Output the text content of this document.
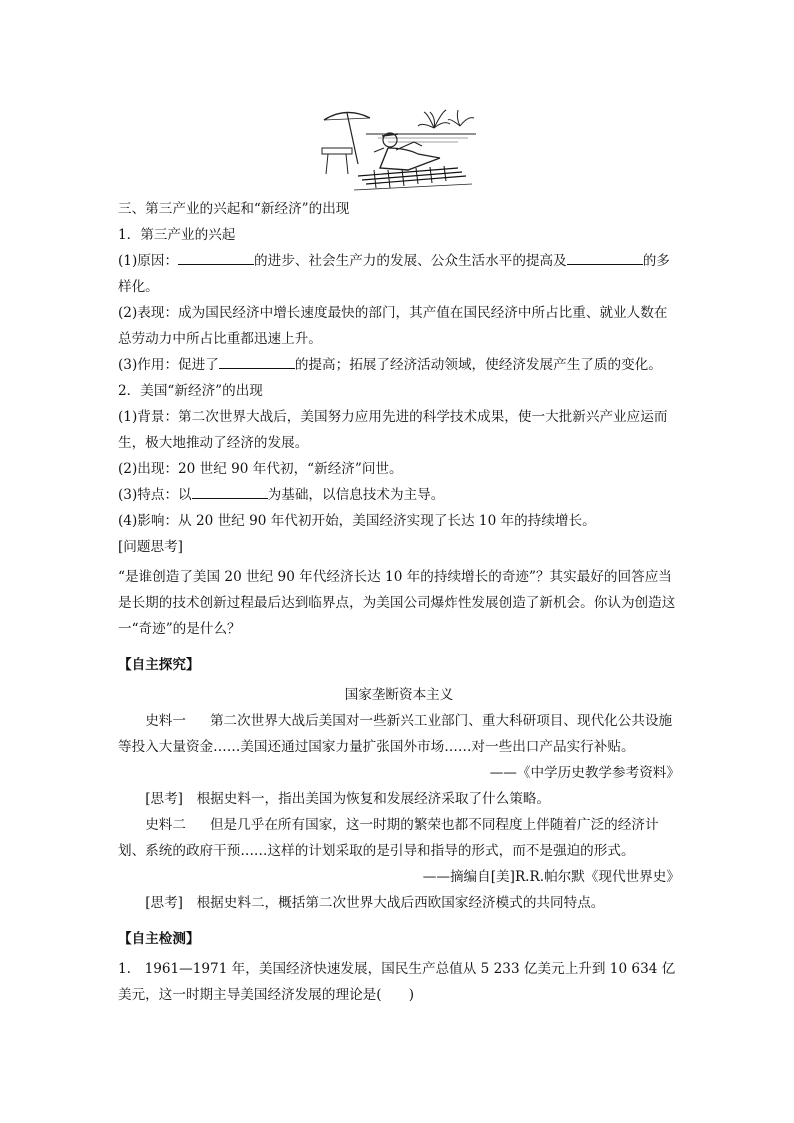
三、第三产业的兴起和“新经济”的出现

1．第三产业的兴起

(1)原因：	的进步、社会生产力的发展、公众生活水平的提高及	的多样化。

(2)表现：成为国民经济中增长速度最快的部门，其产值在国民经济中所占比重、就业人数在总劳动力中所占比重都迅速上升。

(3)作用：促进了	的提高；拓展了经济活动领域，使经济发展产生了质的变化。

2．美国“新经济”的出现

(1)背景：第二次世界大战后，美国努力应用先进的科学技术成果，使一大批新兴产业应运而生，极大地推动了经济的发展。

(2)出现：20 世纪 90 年代初，“新经济”问世。

(3)特点：以	为基础，以信息技术为主导。

(4)影响：从 20 世纪 90 年代初开始，美国经济实现了长达 10 年的持续增长。

[问题思考]

“是谁创造了美国 20 世纪 90 年代经济长达 10 年的持续增长的奇迹”？其实最好的回答应当是长期的技术创新过程最后达到临界点，为美国公司爆炸性发展创造了新机会。你认为创造这一“奇迹”的是什么？

【自主探究】

国家垄断资本主义

史料一 第二次世界大战后美国对一些新兴工业部门、重大科研项目、现代化公共设施等投入大量资金……美国还通过国家力量扩张国外市场……对一些出口产品实行补贴。

——《中学历史教学参考资料》

[思考]　 根据史料一，指出美国为恢复和发展经济采取了什么策略。

史料二 但是几乎在所有国家，这一时期的繁荣也都不同程度上伴随着广泛的经济计划、系统的政府干预……这样的计划采取的是引导和指导的形式，而不是强迫的形式。

——摘编自[美]R.R.帕尔默《现代世界史》

[思考]　 根据史料二，概括第二次世界大战后西欧国家经济模式的共同特点。

【自主检测】

1.　1961—1971 年，美国经济快速发展，国民生产总值从 5 233 亿美元上升到 10 634 亿美元，这一时期主导美国经济发展的理论是(　　)
